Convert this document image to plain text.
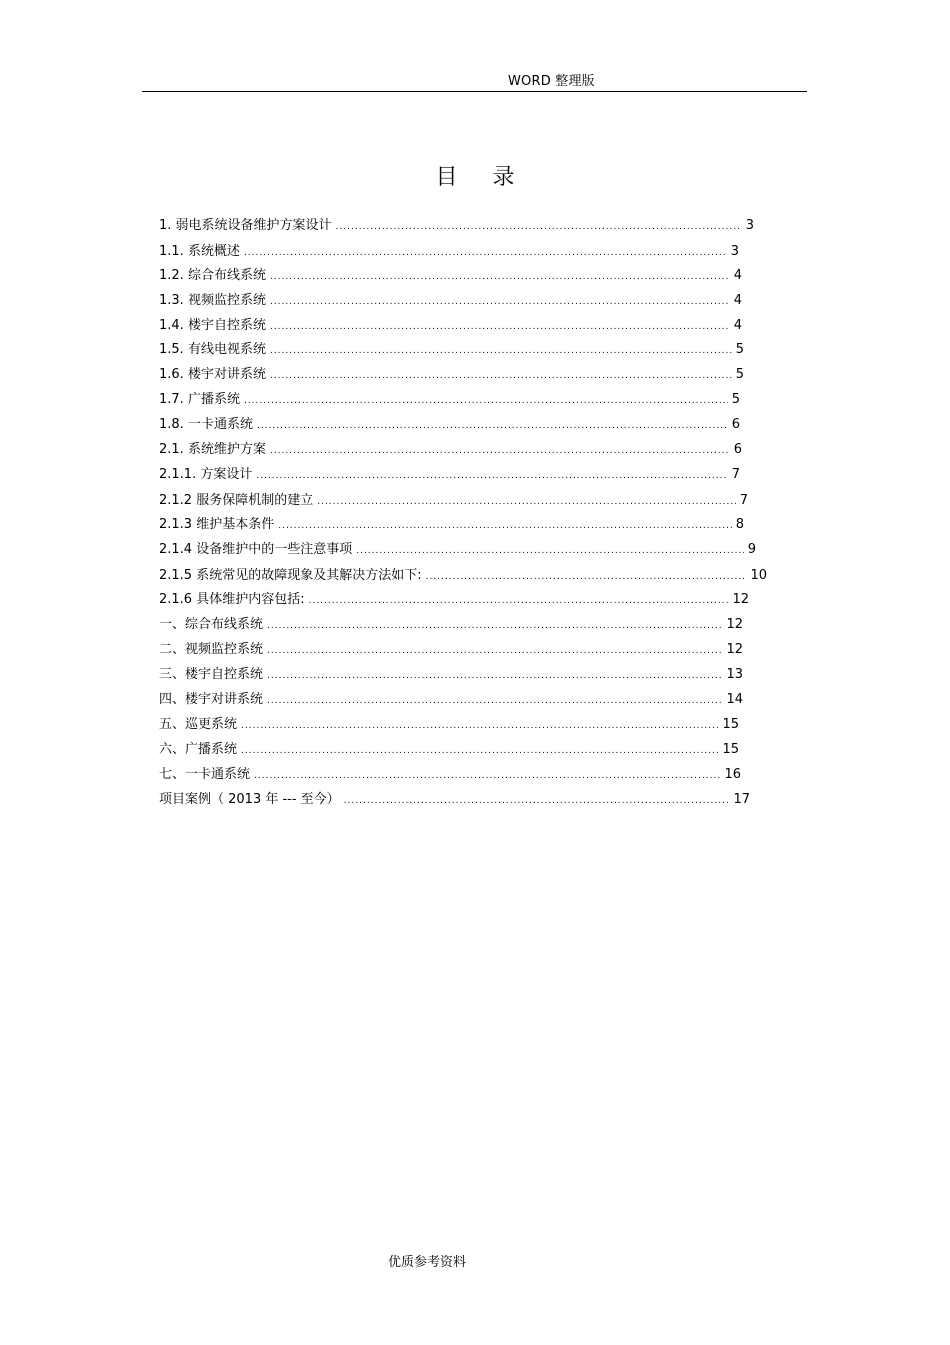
WORD 整理版
目 录
1. 弱电系统设备维护方案设计 .....	3
1.1. 系统概述 .....	3
1.2. 综合布线系统 .....	4
1.3. 视频监控系统 .....	4
1.4. 楼宇自控系统 .....	4
1.5. 有线电视系统 .....	5
1.6. 楼宇对讲系统 .....	5
1.7. 广播系统 .....	5
1.8. 一卡通系统 .....	6
2.1. 系统维护方案 .....	6
2.1.1. 方案设计 .....	7
2.1.2 服务保障机制的建立 .....	7
2.1.3 维护基本条件 .....	8
2.1.4 设备维护中的一些注意事项 .....	9
2.1.5 系统常见的故障现象及其解决方法如下: .....	10
2.1.6 具体维护内容包括: .....	12
一、综合布线系统 .....	12
二、视频监控系统 .....	12
三、楼宇自控系统 .....	13
四、楼宇对讲系统 .....	14
五、巡更系统 .....	15
六、广播系统 .....	15
七、一卡通系统 .....	16
项目案例（ 2013 年 --- 至今） .....	17
优质参考资料
